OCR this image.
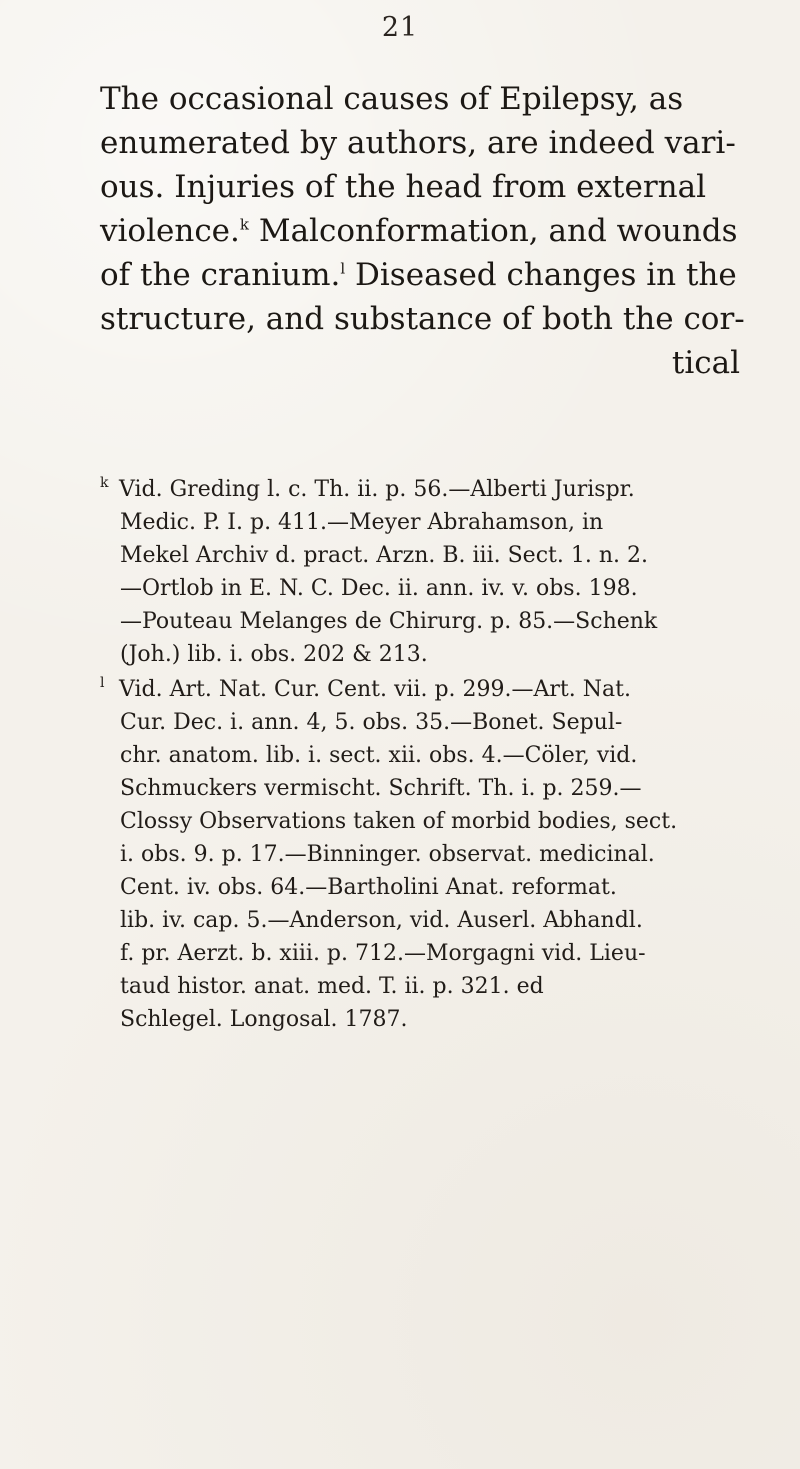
21
The occasional causes of Epilepsy, as
enumerated by authors, are indeed vari-
ous. Injuries of the head from external
violence.$^k$ Malconformation, and wounds
of the cranium.$^l$ Diseased changes in the
structure, and substance of both the cor-
tical
k Vid. Greding l. c. Th. ii. p. 56.—Alberti Jurispr.
Medic. P. I. p. 411.—Meyer Abrahamson, in
Mekel Archiv d. pract. Arzn. B. iii. Sect. 1. n. 2.
—Ortlob in E. N. C. Dec. ii. ann. iv. v. obs. 198.
—Pouteau Melanges de Chirurg. p. 85.—Schenk
(Joh.) lib. i. obs. 202 & 213.
l Vid. Art. Nat. Cur. Cent. vii. p. 299.—Art. Nat.
Cur. Dec. i. ann. 4, 5. obs. 35.—Bonet. Sepul-
chr. anatom. lib. i. sect. xii. obs. 4.—Cöler, vid.
Schmuckers vermischt. Schrift. Th. i. p. 259.—
Clossy Observations taken of morbid bodies, sect.
i. obs. 9. p. 17.—Binninger. observat. medicinal.
Cent. iv. obs. 64.—Bartholini Anat. reformat.
lib. iv. cap. 5.—Anderson, vid. Auserl. Abhandl.
f. pr. Aerzt. b. xiii. p. 712.—Morgagni vid. Lieu-
taud histor. anat. med. T. ii. p. 321. ed
Schlegel. Longosal. 1787.
